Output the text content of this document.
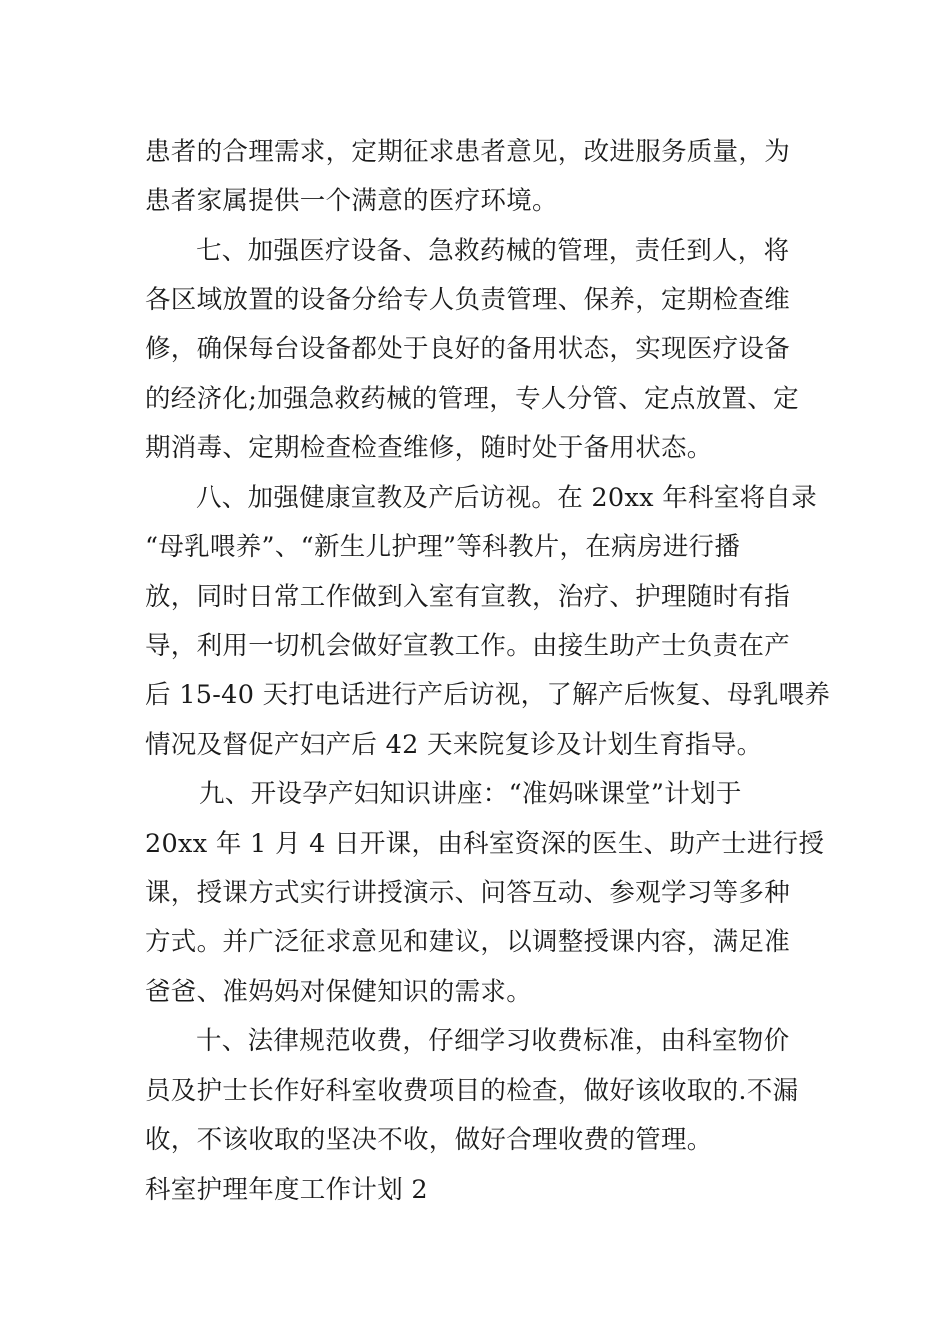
患者的合理需求，定期征求患者意见，改进服务质量，为
患者家属提供一个满意的医疗环境。
七、加强医疗设备、急救药械的管理，责任到人，将
各区域放置的设备分给专人负责管理、保养，定期检查维
修，确保每台设备都处于良好的备用状态，实现医疗设备
的经济化;加强急救药械的管理，专人分管、定点放置、定
期消毒、定期检查检查维修，随时处于备用状态。
八、加强健康宣教及产后访视。在 20xx 年科室将自录
“母乳喂养”、“新生儿护理”等科教片，在病房进行播
放，同时日常工作做到入室有宣教，治疗、护理随时有指
导，利用一切机会做好宣教工作。由接生助产士负责在产
后 15-40 天打电话进行产后访视，了解产后恢复、母乳喂养
情况及督促产妇产后 42 天来院复诊及计划生育指导。
九、开设孕产妇知识讲座：“准妈咪课堂”计划于
20xx 年 1 月 4 日开课，由科室资深的医生、助产士进行授
课，授课方式实行讲授演示、问答互动、参观学习等多种
方式。并广泛征求意见和建议，以调整授课内容，满足准
爸爸、准妈妈对保健知识的需求。
十、法律规范收费，仔细学习收费标准，由科室物价
员及护士长作好科室收费项目的检查，做好该收取的.不漏
收，不该收取的坚决不收，做好合理收费的管理。
科室护理年度工作计划 2
